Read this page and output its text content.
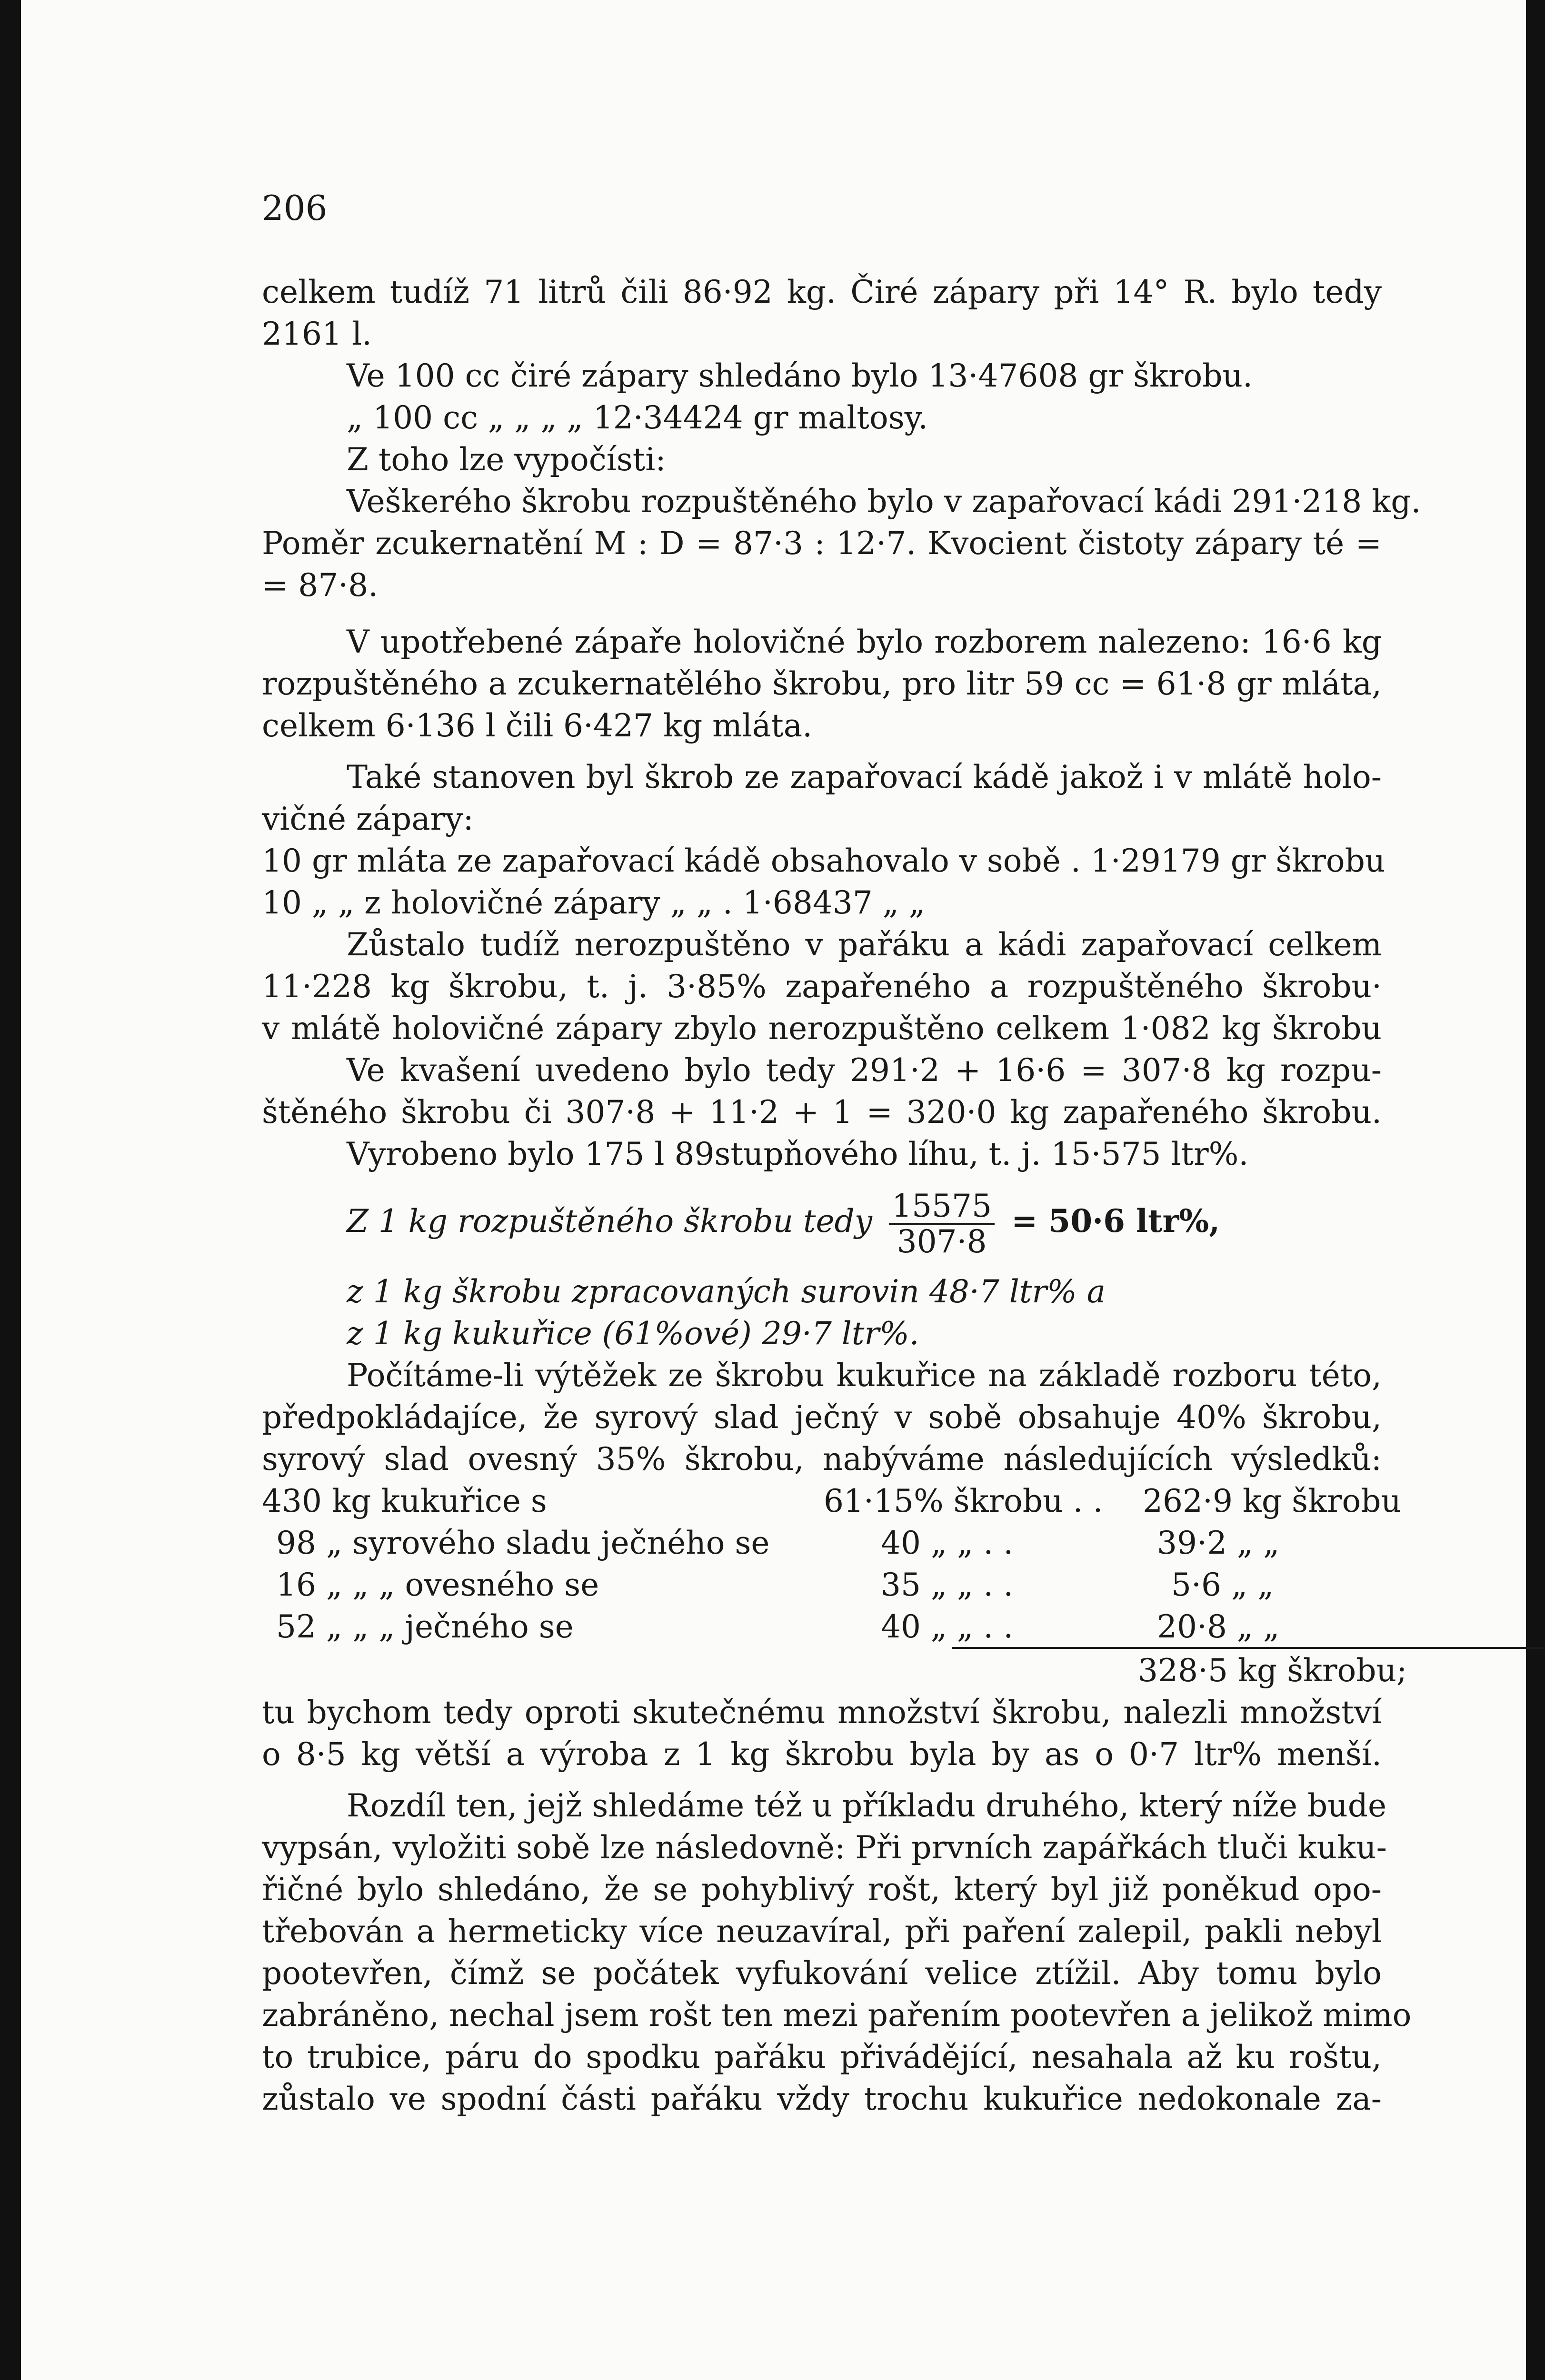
206
celkem tudíž 71 litrů čili 86·92 kg. Čiré zápary při 14° R. bylo tedy
2161 l.
Ve 100 cc čiré zápary shledáno bylo 13·47608 gr škrobu.
„ 100 cc „ „ „ „ 12·34424 gr maltosy.
Z toho lze vypočísti:
Veškerého škrobu rozpuštěného bylo v zapařovací kádi 291·218 kg.
Poměr zcukernatění M : D = 87·3 : 12·7. Kvocient čistoty zápary té =
= 87·8.
V upotřebené zápaře holovičné bylo rozborem nalezeno: 16·6 kg
rozpuštěného a zcukernatělého škrobu, pro litr 59 cc = 61·8 gr mláta,
celkem 6·136 l čili 6·427 kg mláta.
Také stanoven byl škrob ze zapařovací kádě jakož i v mlátě holo-
vičné zápary:
10 gr mláta ze zapařovací kádě obsahovalo v sobě . 1·29179 gr škrobu
10 „ „ z holovičné zápary „ „ . 1·68437 „ „
Zůstalo tudíž nerozpuštěno v pařáku a kádi zapařovací celkem
11·228 kg škrobu, t. j. 3·85% zapařeného a rozpuštěného škrobu·
v mlátě holovičné zápary zbylo nerozpuštěno celkem 1·082 kg škrobu
Ve kvašení uvedeno bylo tedy 291·2 + 16·6 = 307·8 kg rozpu-
štěného škrobu či 307·8 + 11·2 + 1 = 320·0 kg zapařeného škrobu.
Vyrobeno bylo 175 l 89stupňového líhu, t. j. 15·575 ltr%.
Z 1 kg rozpuštěného škrobu tedy $\frac{15575}{307\cdot 8} = 50\cdot 6$ ltr%,
z 1 kg škrobu zpracovaných surovin 48·7 ltr% a
z 1 kg kukuřice (61%ové) 29·7 ltr%.
Počítáme-li výtěžek ze škrobu kukuřice na základě rozboru této,
předpokládajíce, že syrový slad ječný v sobě obsahuje 40% škrobu,
syrový slad ovesný 35% škrobu, nabýváme následujících výsledků:
430 kg kukuřice s	61·15% škrobu . . 262·9 kg škrobu
98 „ syrového sladu ječného se	40 „ „ . .	39·2 „ „
16 „ „ „ ovesného se	35 „ „ . .	5·6 „ „
52 „ „ „ ječného se	40 „ „ . .	20·8 „ „
328·5 kg škrobu;
tu bychom tedy oproti skutečnému množství škrobu, nalezli množství
o 8·5 kg větší a výroba z 1 kg škrobu byla by as o 0·7 ltr% menší.
Rozdíl ten, jejž shledáme též u příkladu druhého, který níže bude
vypsán, vyložiti sobě lze následovně: Při prvních zapářkách tluči kuku-
řičné bylo shledáno, že se pohyblivý rošt, který byl již poněkud opo-
třebován a hermeticky více neuzavíral, při paření zalepil, pakli nebyl
pootevřen, čímž se počátek vyfukování velice ztížil. Aby tomu bylo
zabráněno, nechal jsem rošt ten mezi pařením pootevřen a jelikož mimo
to trubice, páru do spodku pařáku přivádějící, nesahala až ku roštu,
zůstalo ve spodní části pařáku vždy trochu kukuřice nedokonale za-
